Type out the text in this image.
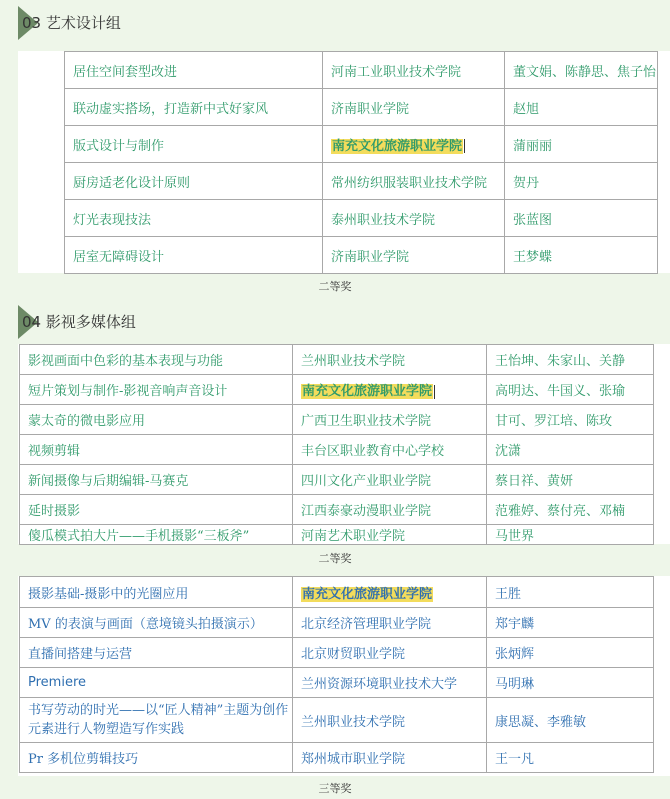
03 艺术设计组
居住空间套型改进	河南工业职业技术学院	董文娟、陈静思、焦子怡
联动虚实搭场，打造新中式好家风	济南职业学院	赵旭
版式设计与制作	南充文化旅游职业学院	蒲丽丽
厨房适老化设计原则	常州纺织服装职业技术学院	贺丹
灯光表现技法	泰州职业技术学院	张蓝图
居室无障碍设计	济南职业学院	王梦蝶
二等奖
04 影视多媒体组
影视画面中色彩的基本表现与功能	兰州职业技术学院	王怡坤、朱家山、关静
短片策划与制作-影视音响声音设计	南充文化旅游职业学院	高明达、牛国义、张瑜
蒙太奇的微电影应用	广西卫生职业技术学院	甘可、罗江培、陈玫
视频剪辑	丰台区职业教育中心学校	沈潇
新闻摄像与后期编辑-马赛克	四川文化产业职业学院	蔡日祥、黄妍
延时摄影	江西泰豪动漫职业学院	范雅婷、蔡付亮、邓楠
傻瓜模式拍大片——手机摄影“三板斧”	河南艺术职业学院	马世界
二等奖
摄影基础-摄影中的光圈应用	南充文化旅游职业学院	王胜
MV 的表演与画面（意境镜头拍摄演示）	北京经济管理职业学院	郑宇麟
直播间搭建与运营	北京财贸职业学院	张炳辉
Premiere	兰州资源环境职业技术大学	马明琳
书写劳动的时光——以“匠人精神”主题为创作元素进行人物塑造写作实践	兰州职业技术学院	康思凝、李雅敏
Pr 多机位剪辑技巧	郑州城市职业学院	王一凡
三等奖
